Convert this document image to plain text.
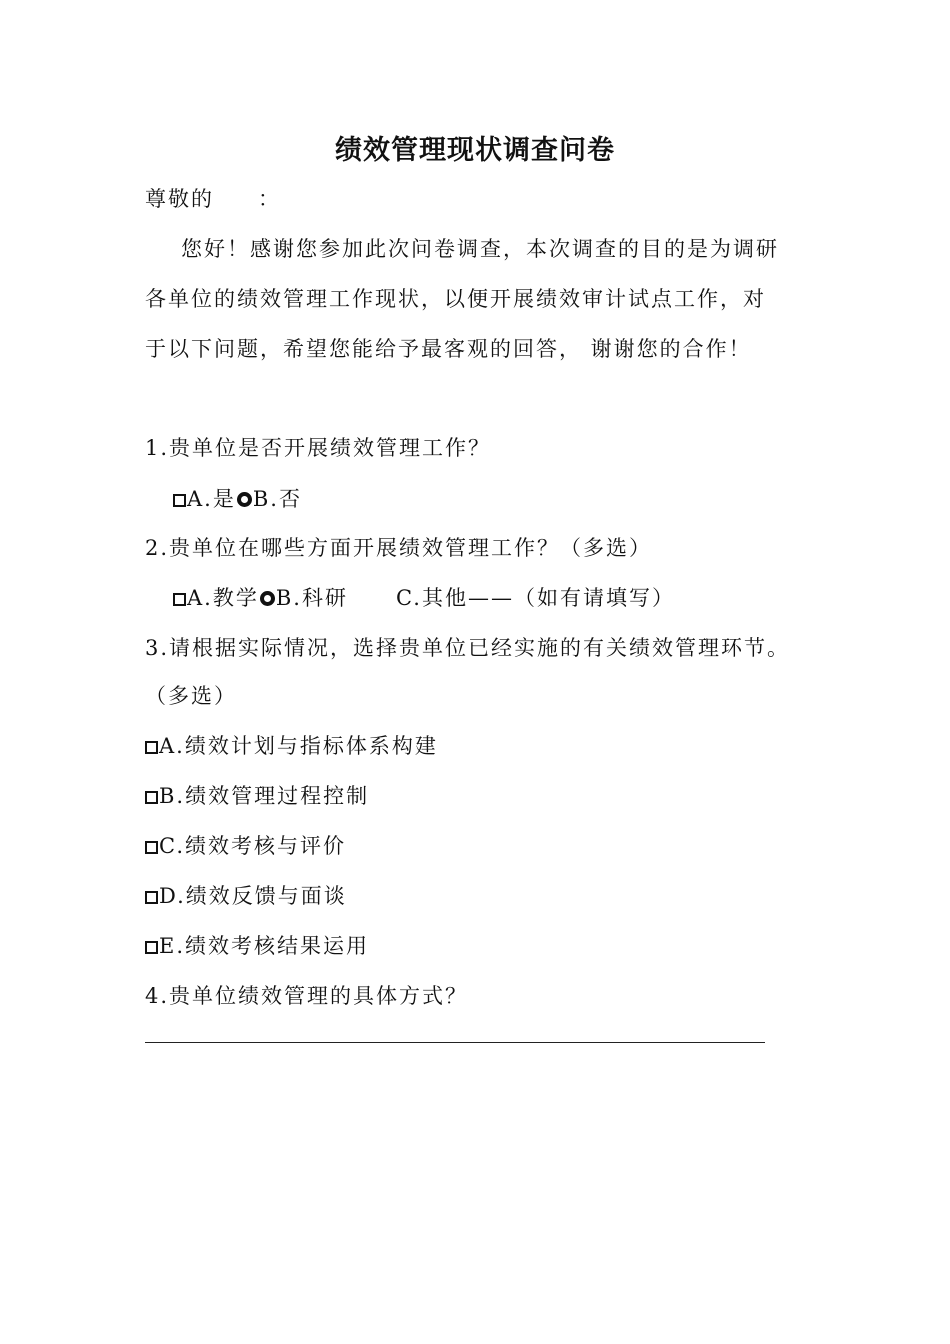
绩效管理现状调查问卷

尊敬的 ：

您好！感谢您参加此次问卷调查，本次调查的目的是为调研

各单位的绩效管理工作现状，以便开展绩效审计试点工作，对

于以下问题，希望您能给予最客观的回答， 谢谢您的合作！

1.贵单位是否开展绩效管理工作？

A.是 B.否

2.贵单位在哪些方面开展绩效管理工作？（多选）

A.教学 B.科研 C.其他——（如有请填写）

3.请根据实际情况，选择贵单位已经实施的有关绩效管理环节。

（多选）

A.绩效计划与指标体系构建

B.绩效管理过程控制

C.绩效考核与评价

D.绩效反馈与面谈

E.绩效考核结果运用

4.贵单位绩效管理的具体方式？
